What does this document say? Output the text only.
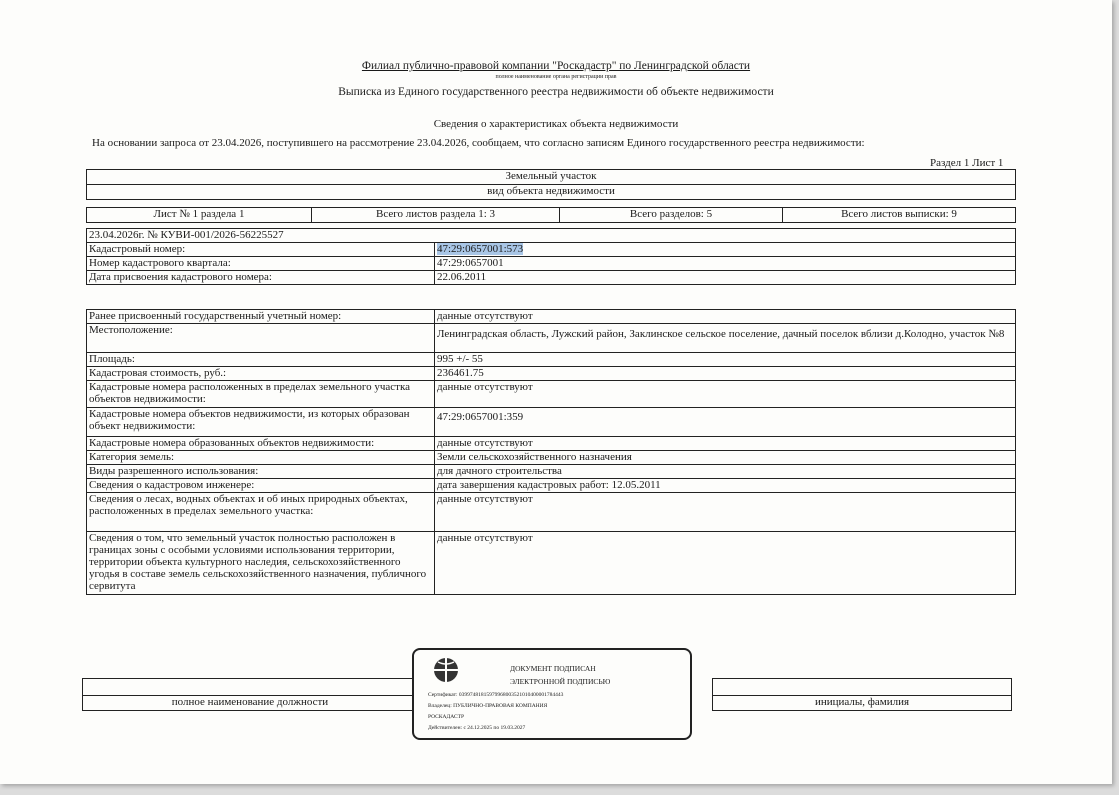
Филиал публично-правовой компании "Роскадастр" по Ленинградской области
полное наименование органа регистрации прав
Выписка из Единого государственного реестра недвижимости об объекте недвижимости
Сведения о характеристиках объекта недвижимости
На основании запроса от 23.04.2026, поступившего на рассмотрение 23.04.2026, сообщаем, что согласно записям Единого государственного реестра недвижимости:
Раздел 1 Лист 1
Земельный участок
вид объекта недвижимости
Лист № 1 раздела 1	Всего листов раздела 1: 3	Всего разделов: 5	Всего листов выписки: 9
23.04.2026г. № КУВИ-001/2026-56225527	
Кадастровый номер:	47:29:0657001:573
Номер кадастрового квартала:	47:29:0657001
Дата присвоения кадастрового номера:	22.06.2011
Ранее присвоенный государственный учетный номер:	данные отсутствуют
Местоположение:	Ленинградская область, Лужский район, Заклинское сельское поселение, дачный поселок вблизи д.Колодно, участок №8
Площадь:	995 +/- 55
Кадастровая стоимость, руб.:	236461.75
Кадастровые номера расположенных в пределах земельного участка объектов недвижимости:	данные отсутствуют
Кадастровые номера объектов недвижимости, из которых образован объект недвижимости:	47:29:0657001:359
Кадастровые номера образованных объектов недвижимости:	данные отсутствуют
Категория земель:	Земли сельскохозяйственного назначения
Виды разрешенного использования:	для дачного строительства
Сведения о кадастровом инженере:	дата завершения кадастровых работ: 12.05.2011
Сведения о лесах, водных объектах и об иных природных объектах, расположенных в пределах земельного участка:	данные отсутствуют
Сведения о том, что земельный участок полностью расположен в границах зоны с особыми условиями использования территории, территории объекта культурного наследия, сельскохозяйственного угодья в составе земель сельскохозяйственного назначения, публичного сервитута	данные отсутствуют

полное наименование должности		инициалы, фамилия
ДОКУМЕНТ ПОДПИСАН
ЭЛЕКТРОННОЙ ПОДПИСЬЮ
Сертификат: 03997481815979968003521010400001784443
Владелец: ПУБЛИЧНО-ПРАВОВАЯ КОМПАНИЯ
РОСКАДАСТР
Действителен: с 24.12.2025 по 19.03.2027
